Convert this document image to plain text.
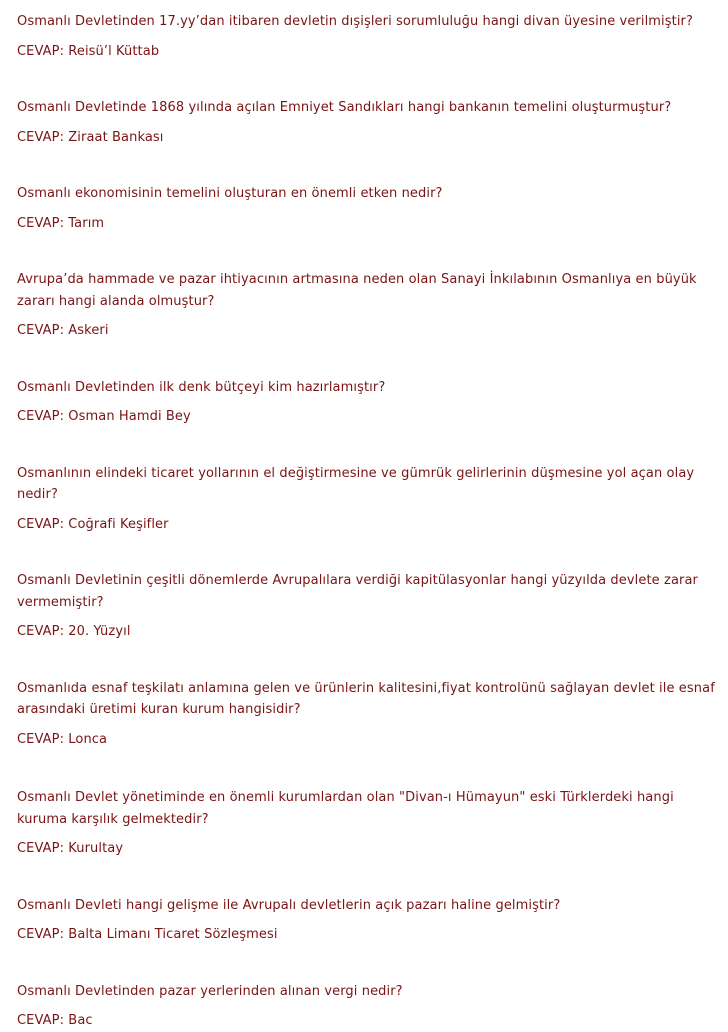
Osmanlı Devletinden 17.yy’dan itibaren devletin dışişleri sorumluluğu hangi divan üyesine verilmiştir?
CEVAP: Reisü’l Küttab
Osmanlı Devletinde 1868 yılında açılan Emniyet Sandıkları hangi bankanın temelini oluşturmuştur?
CEVAP: Ziraat Bankası
Osmanlı ekonomisinin temelini oluşturan en önemli etken nedir?
CEVAP: Tarım
Avrupa’da hammade ve pazar ihtiyacının artmasına neden olan Sanayi İnkılabının Osmanlıya en büyük zararı hangi alanda olmuştur?
CEVAP: Askeri
Osmanlı Devletinden ilk denk bütçeyi kim hazırlamıştır?
CEVAP: Osman Hamdi Bey
Osmanlının elindeki ticaret yollarının el değiştirmesine ve gümrük gelirlerinin düşmesine yol açan olay nedir?
CEVAP: Coğrafi Keşifler
Osmanlı Devletinin çeşitli dönemlerde Avrupalılara verdiği kapitülasyonlar hangi yüzyılda devlete zarar vermemiştir?
CEVAP: 20. Yüzyıl
Osmanlıda esnaf teşkilatı anlamına gelen ve ürünlerin kalitesini,fiyat kontrolünü sağlayan devlet ile esnaf arasındaki üretimi kuran kurum hangisidir?
CEVAP: Lonca
Osmanlı Devlet yönetiminde en önemli kurumlardan olan "Divan-ı Hümayun" eski Türklerdeki hangi kuruma karşılık gelmektedir?
CEVAP: Kurultay
Osmanlı Devleti hangi gelişme ile Avrupalı devletlerin açık pazarı haline gelmiştir?
CEVAP: Balta Limanı Ticaret Sözleşmesi
Osmanlı Devletinden pazar yerlerinden alınan vergi nedir?
CEVAP: Bac
